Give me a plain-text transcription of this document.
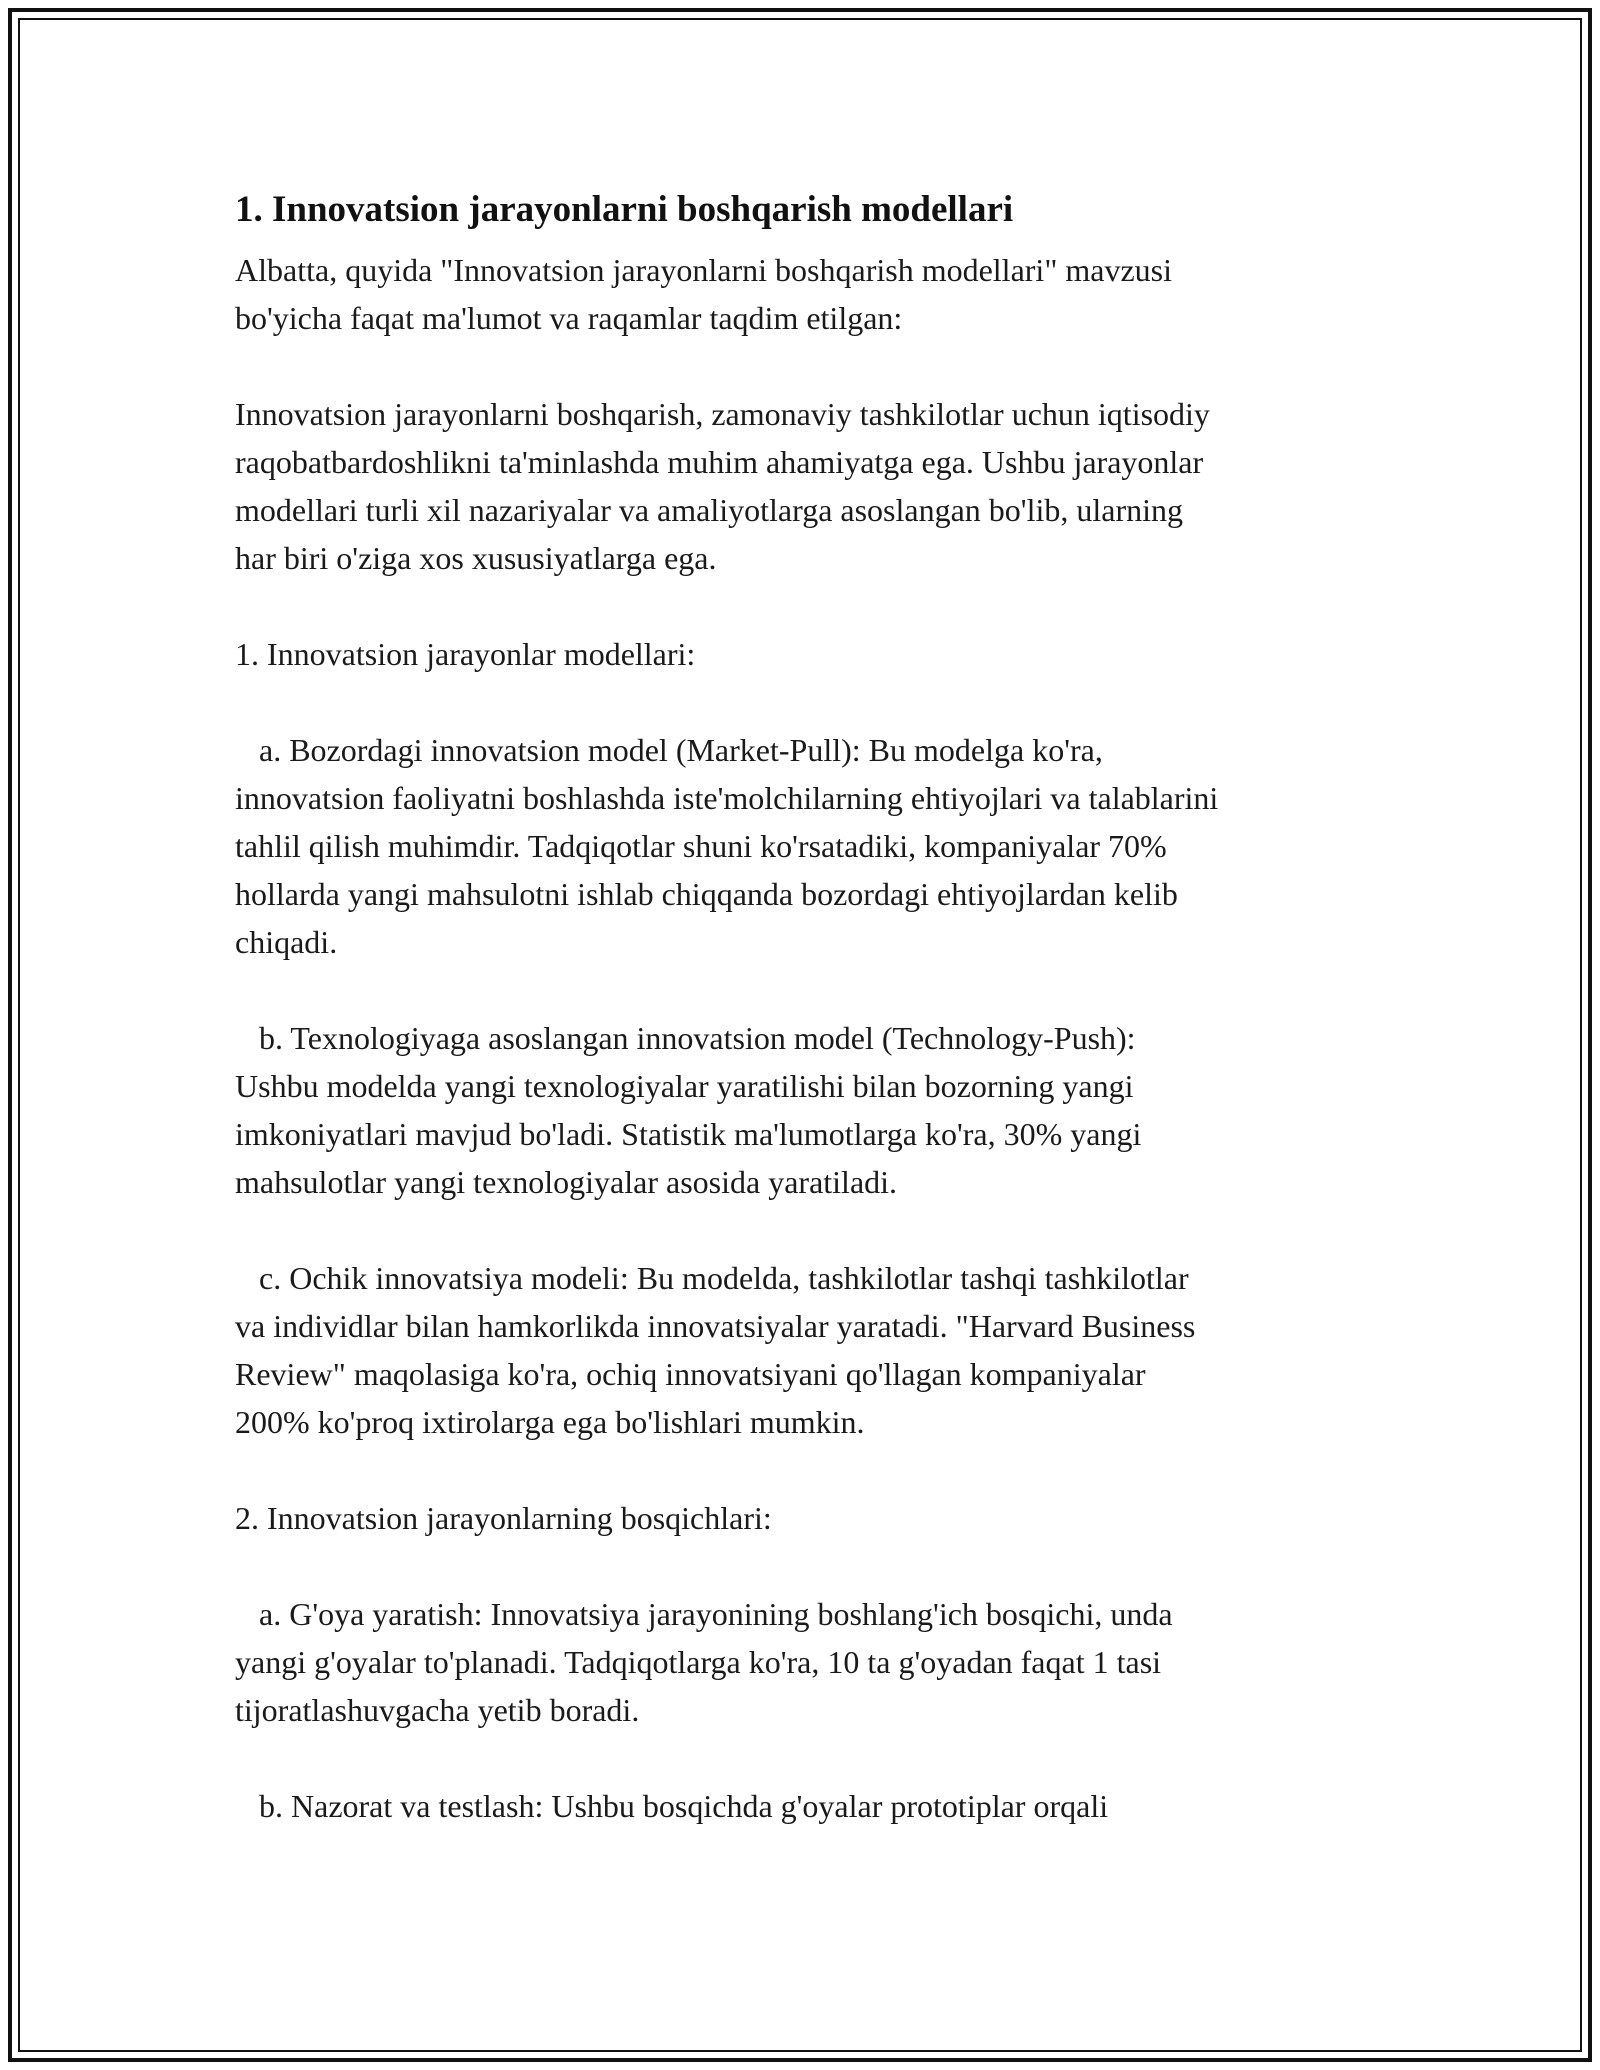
1. Innovatsion jarayonlarni boshqarish modellari
Albatta, quyida "Innovatsion jarayonlarni boshqarish modellari" mavzusi
bo'yicha faqat ma'lumot va raqamlar taqdim etilgan:
Innovatsion jarayonlarni boshqarish, zamonaviy tashkilotlar uchun iqtisodiy
raqobatbardoshlikni ta'minlashda muhim ahamiyatga ega. Ushbu jarayonlar
modellari turli xil nazariyalar va amaliyotlarga asoslangan bo'lib, ularning
har biri o'ziga xos xususiyatlarga ega.
1. Innovatsion jarayonlar modellari:
a. Bozordagi innovatsion model (Market-Pull): Bu modelga ko'ra,
innovatsion faoliyatni boshlashda iste'molchilarning ehtiyojlari va talablarini
tahlil qilish muhimdir. Tadqiqotlar shuni ko'rsatadiki, kompaniyalar 70%
hollarda yangi mahsulotni ishlab chiqqanda bozordagi ehtiyojlardan kelib
chiqadi.
b. Texnologiyaga asoslangan innovatsion model (Technology-Push):
Ushbu modelda yangi texnologiyalar yaratilishi bilan bozorning yangi
imkoniyatlari mavjud bo'ladi. Statistik ma'lumotlarga ko'ra, 30% yangi
mahsulotlar yangi texnologiyalar asosida yaratiladi.
c. Ochik innovatsiya modeli: Bu modelda, tashkilotlar tashqi tashkilotlar
va individlar bilan hamkorlikda innovatsiyalar yaratadi. "Harvard Business
Review" maqolasiga ko'ra, ochiq innovatsiyani qo'llagan kompaniyalar
200% ko'proq ixtirolarga ega bo'lishlari mumkin.
2. Innovatsion jarayonlarning bosqichlari:
a. G'oya yaratish: Innovatsiya jarayonining boshlang'ich bosqichi, unda
yangi g'oyalar to'planadi. Tadqiqotlarga ko'ra, 10 ta g'oyadan faqat 1 tasi
tijoratlashuvgacha yetib boradi.
b. Nazorat va testlash: Ushbu bosqichda g'oyalar prototiplar orqali
